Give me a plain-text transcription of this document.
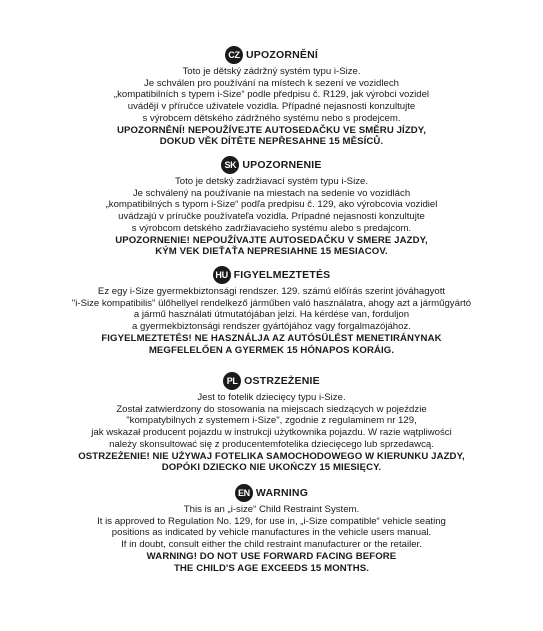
CZ UPOZORNĚNÍ
Toto je dětský zádržný systém typu i-Size.
Je schválen pro používání na místech k sezení ve vozidlech
„kompatibilních s typem i-Size“ podle předpisu č. R129, jak výrobci vozidel
uvádějí v příručce uživatele vozidla. Případné nejasnosti konzultujte
s výrobcem dětského zádržného systému nebo s prodejcem.
UPOZORNĚNÍ! NEPOUŽÍVEJTE AUTOSEDAČKU VE SMĚRU JÍZDY,
DOKUD VĚK DÍTĚTE NEPŘESAHNE 15 MĚSÍCŮ.
SK UPOZORNENIE
Toto je detský zadržiavací systém typu i-Size.
Je schválený na používanie na miestach na sedenie vo vozidlách
„kompatibilných s typom i-Size“ podľa predpisu č. 129, ako výrobcovia vozidiel
uvádzajú v príručke používateľa vozidla. Prípadné nejasnosti konzultujte
s výrobcom detského zadržiavacieho systému alebo s predajcom.
UPOZORNENIE! NEPOUŽÍVAJTE AUTOSEDAČKU V SMERE JAZDY,
KÝM VEK DIEŤAŤA NEPRESIAHNE 15 MESIACOV.
HU FIGYELMEZTETÉS
Ez egy i-Size gyermekbiztonsági rendszer. 129. számú előírás szerint jóváhagyott
"i-Size kompatibilis" ülőhellyel rendelkező járműben való használatra, ahogy azt a járműgyártó
a jármű használati útmutatójában jelzi. Ha kérdése van, forduljon
a gyermekbiztonsági rendszer gyártójához vagy forgalmazójához.
FIGYELMEZTETÉS! NE HASZNÁLJA AZ AUTÓSÜLÉST MENETIRÁNYNAK
MEGFELELŐEN A GYERMEK 15 HÓNAPOS KORÁIG.
PL OSTRZEŻENIE
Jest to fotelik dziecięcy typu i-Size.
Został zatwierdzony do stosowania na miejscach siedzących w pojeździe
"kompatybilnych z systemem i-Size", zgodnie z regulaminem nr 129,
jak wskazał producent pojazdu w instrukcji użytkownika pojazdu. W razie wątpliwości
należy skonsultować się z producentemfotelika dziecięcego lub sprzedawcą.
OSTRZEŻENIE! NIE UŻYWAJ FOTELIKA SAMOCHODOWEGO W KIERUNKU JAZDY,
DOPÓKI DZIECKO NIE UKOŃCZY 15 MIESIĘCY.
EN WARNING
This is an „i-size“ Child Restraint System.
It is approved to Regulation No. 129, for use in, „i-Size compatible“ vehicle seating
positions as indicated by vehicle manufactures in the vehicle users manual.
If in doubt, consult either the child restraint manufacturer or the retailer.
WARNING! DO NOT USE FORWARD FACING BEFORE
THE CHILD'S AGE EXCEEDS 15 MONTHS.
